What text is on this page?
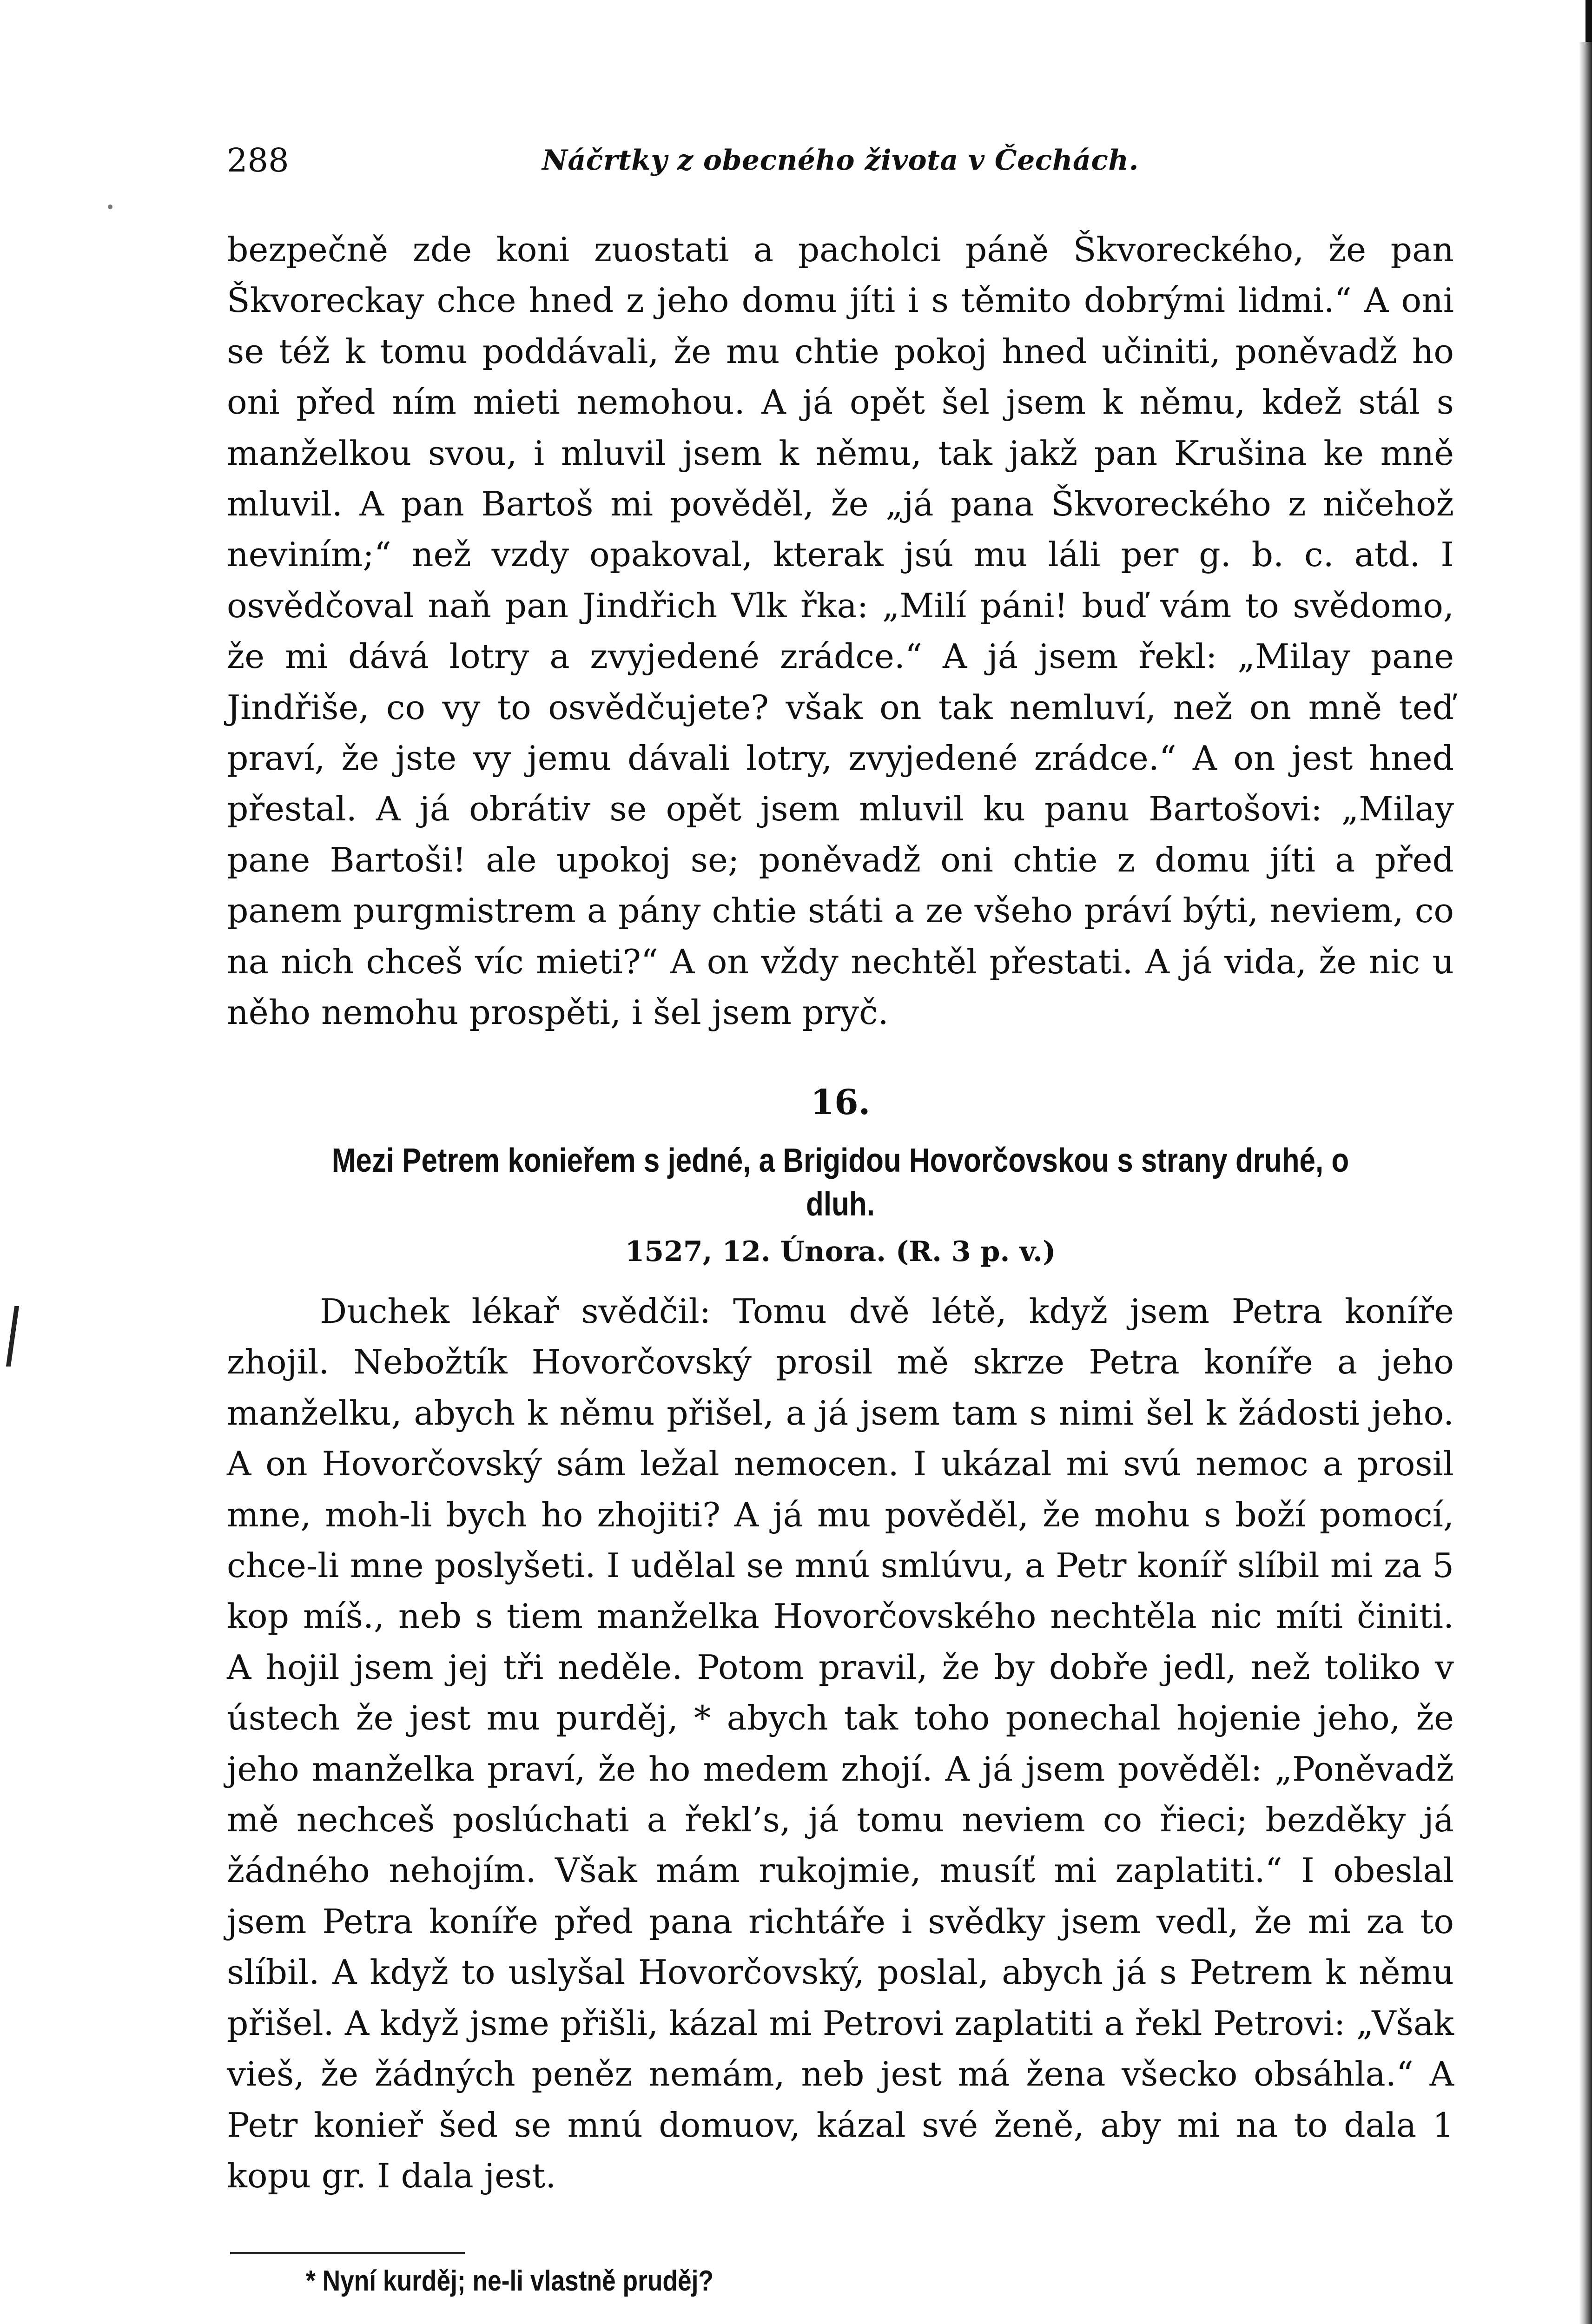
288	Náčrtky z obecného života v Čechách.

bezpečně zde koni zuostati a pacholci páně Škvoreckého, že pan Škvoreckay chce hned z jeho domu jíti i s těmito dobrými lidmi.“ A oni se též k tomu poddávali, že mu chtie pokoj hned učiniti, poněvadž ho oni před ním mieti nemohou. A já opět šel jsem k němu, kdež stál s manželkou svou, i mluvil jsem k němu, tak jakž pan Krušina ke mně mluvil. A pan Bartoš mi pověděl, že „já pana Škvoreckého z ničehož neviním;“ než vzdy opakoval, kterak jsú mu láli per g. b. c. atd. I osvědčoval naň pan Jindřich Vlk řka: „Milí páni! buď vám to svědomo, že mi dává lotry a zvyjedené zrádce.“ A já jsem řekl: „Milay pane Jindřiše, co vy to osvědčujete? však on tak nemluví, než on mně teď praví, že jste vy jemu dávali lotry, zvyjedené zrádce.“ A on jest hned přestal. A já obrátiv se opět jsem mluvil ku panu Bartošovi: „Milay pane Bartoši! ale upokoj se; poněvadž oni chtie z domu jíti a před panem purgmistrem a pány chtie státi a ze všeho práví býti, neviem, co na nich chceš víc mieti?“ A on vždy nechtěl přestati. A já vida, že nic u něho nemohu prospěti, i šel jsem pryč.

16.
Mezi Petrem konieřem s jedné, a Brigidou Hovorčovskou s strany druhé, o dluh.
1527, 12. Února. (R. 3 p. v.)

Duchek lékař svědčil: Tomu dvě létě, když jsem Petra koníře zhojil. Nebožtík Hovorčovský prosil mě skrze Petra koníře a jeho manželku, abych k němu přišel, a já jsem tam s nimi šel k žádosti jeho. A on Hovorčovský sám ležal nemocen. I ukázal mi svú nemoc a prosil mne, moh-li bych ho zhojiti? A já mu pověděl, že mohu s boží pomocí, chce-li mne poslyšeti. I udělal se mnú smlúvu, a Petr koníř slíbil mi za 5 kop míš., neb s tiem manželka Hovorčovského nechtěla nic míti činiti. A hojil jsem jej tři neděle. Potom pravil, že by dobře jedl, než toliko v ústech že jest mu purděj, * abych tak toho ponechal hojenie jeho, že jeho manželka praví, že ho medem zhojí. A já jsem pověděl: „Poněvadž mě nechceš poslúchati a řekl’s, já tomu neviem co řieci; bezděky já žádného nehojím. Však mám rukojmie, musíť mi zaplatiti.“ I obeslal jsem Petra koníře před pana richtáře i svědky jsem vedl, že mi za to slíbil. A když to uslyšal Hovorčovský, poslal, abych já s Petrem k němu přišel. A když jsme přišli, kázal mi Petrovi zaplatiti a řekl Petrovi: „Však vieš, že žádných peněz nemám, neb jest má žena všecko obsáhla.“ A Petr konieř šed se mnú domuov, kázal své ženě, aby mi na to dala 1 kopu gr. I dala jest.

* Nyní kurděj; ne-li vlastně pruděj?
